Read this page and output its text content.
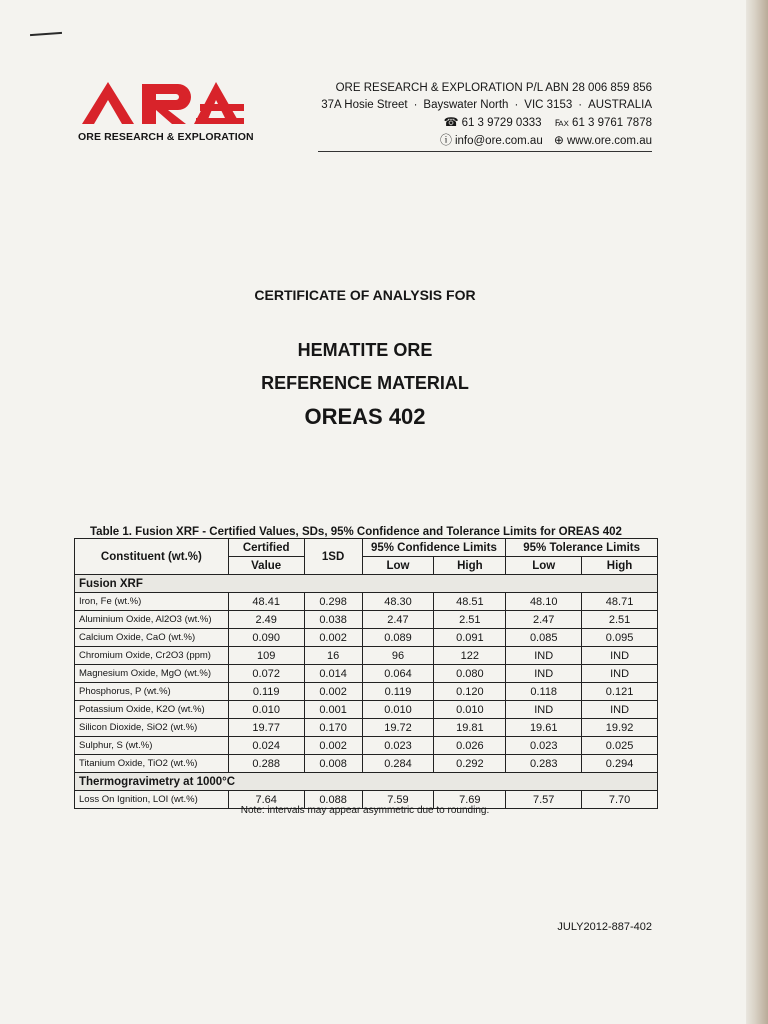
ORE RESEARCH & EXPLORATION
ORE RESEARCH & EXPLORATION P/L ABN 28 006 859 856
37A Hosie Street · Bayswater North · VIC 3153 · AUSTRALIA
☎ 61 3 9729 0333 ℻ 61 3 9761 7878
ⓘ info@ore.com.au ⊕ www.ore.com.au
CERTIFICATE OF ANALYSIS FOR
HEMATITE ORE
REFERENCE MATERIAL
OREAS 402
Table 1. Fusion XRF - Certified Values, SDs, 95% Confidence and Tolerance Limits for OREAS 402
Constituent (wt.%)	Certified	1SD	95% Confidence Limits		95% Tolerance Limits	
	Value		Low	High	Low	High
Fusion XRF						
Iron, Fe (wt.%)	48.41	0.298	48.30	48.51	48.10	48.71
Aluminium Oxide, Al2O3 (wt.%)	2.49	0.038	2.47	2.51	2.47	2.51
Calcium Oxide, CaO (wt.%)	0.090	0.002	0.089	0.091	0.085	0.095
Chromium Oxide, Cr2O3 (ppm)	109	16	96	122	IND	IND
Magnesium Oxide, MgO (wt.%)	0.072	0.014	0.064	0.080	IND	IND
Phosphorus, P (wt.%)	0.119	0.002	0.119	0.120	0.118	0.121
Potassium Oxide, K2O (wt.%)	0.010	0.001	0.010	0.010	IND	IND
Silicon Dioxide, SiO2 (wt.%)	19.77	0.170	19.72	19.81	19.61	19.92
Sulphur, S (wt.%)	0.024	0.002	0.023	0.026	0.023	0.025
Titanium Oxide, TiO2 (wt.%)	0.288	0.008	0.284	0.292	0.283	0.294
Thermogravimetry at 1000°C						
Loss On Ignition, LOI (wt.%)	7.64	0.088	7.59	7.69	7.57	7.70
Note: intervals may appear asymmetric due to rounding.
JULY2012-887-402
